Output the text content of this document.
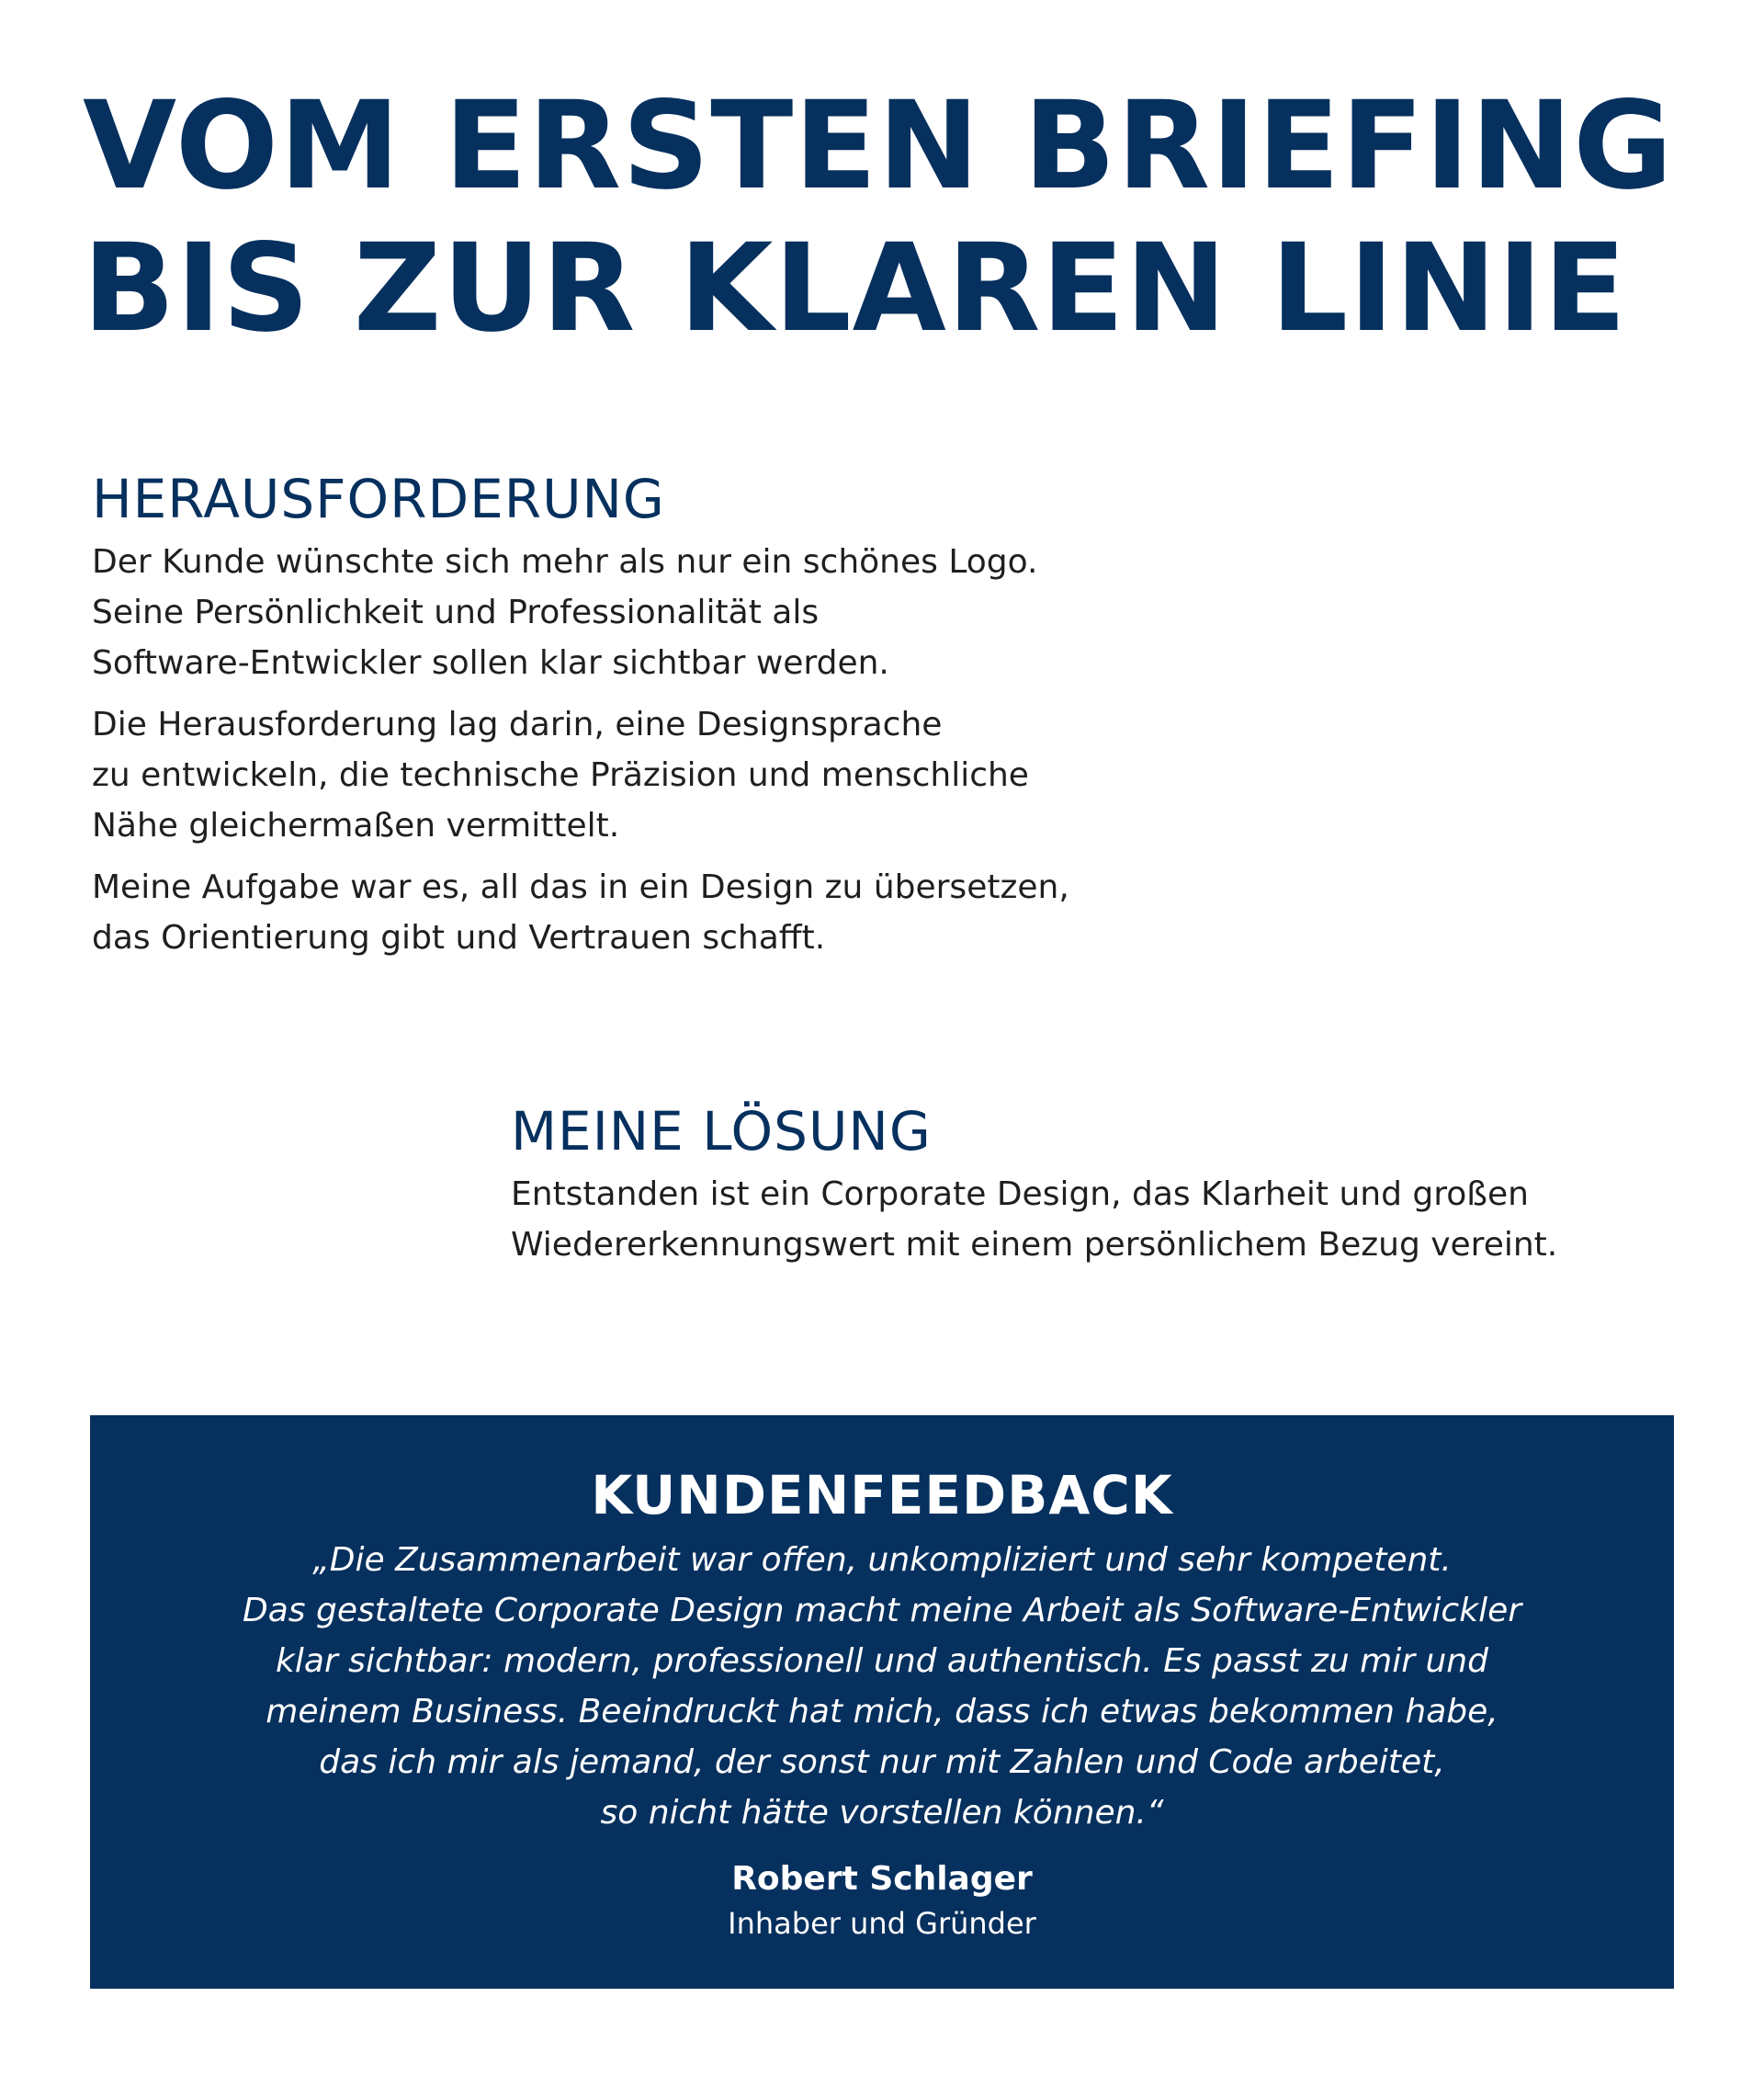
VOM ERSTEN BRIEFING
BIS ZUR KLAREN LINIE
HERAUSFORDERUNG

Der Kunde wünschte sich mehr als nur ein schönes Logo.
Seine Persönlichkeit und Professionalität als
Software-Entwickler sollen klar sichtbar werden.

Die Herausforderung lag darin, eine Designsprache
zu entwickeln, die technische Präzision und menschliche
Nähe gleichermaßen vermittelt.

Meine Aufgabe war es, all das in ein Design zu übersetzen,
das Orientierung gibt und Vertrauen schafft.

MEINE LÖSUNG

Entstanden ist ein Corporate Design, das Klarheit und großen
Wiedererkennungswert mit einem persönlichem Bezug vereint.

KUNDENFEEDBACK

„Die Zusammenarbeit war offen, unkompliziert und sehr kompetent.
Das gestaltete Corporate Design macht meine Arbeit als Software-Entwickler
klar sichtbar: modern, professionell und authentisch. Es passt zu mir und
meinem Business. Beeindruckt hat mich, dass ich etwas bekommen habe,
das ich mir als jemand, der sonst nur mit Zahlen und Code arbeitet,
so nicht hätte vorstellen können.“

Robert Schlager

Inhaber und Gründer
